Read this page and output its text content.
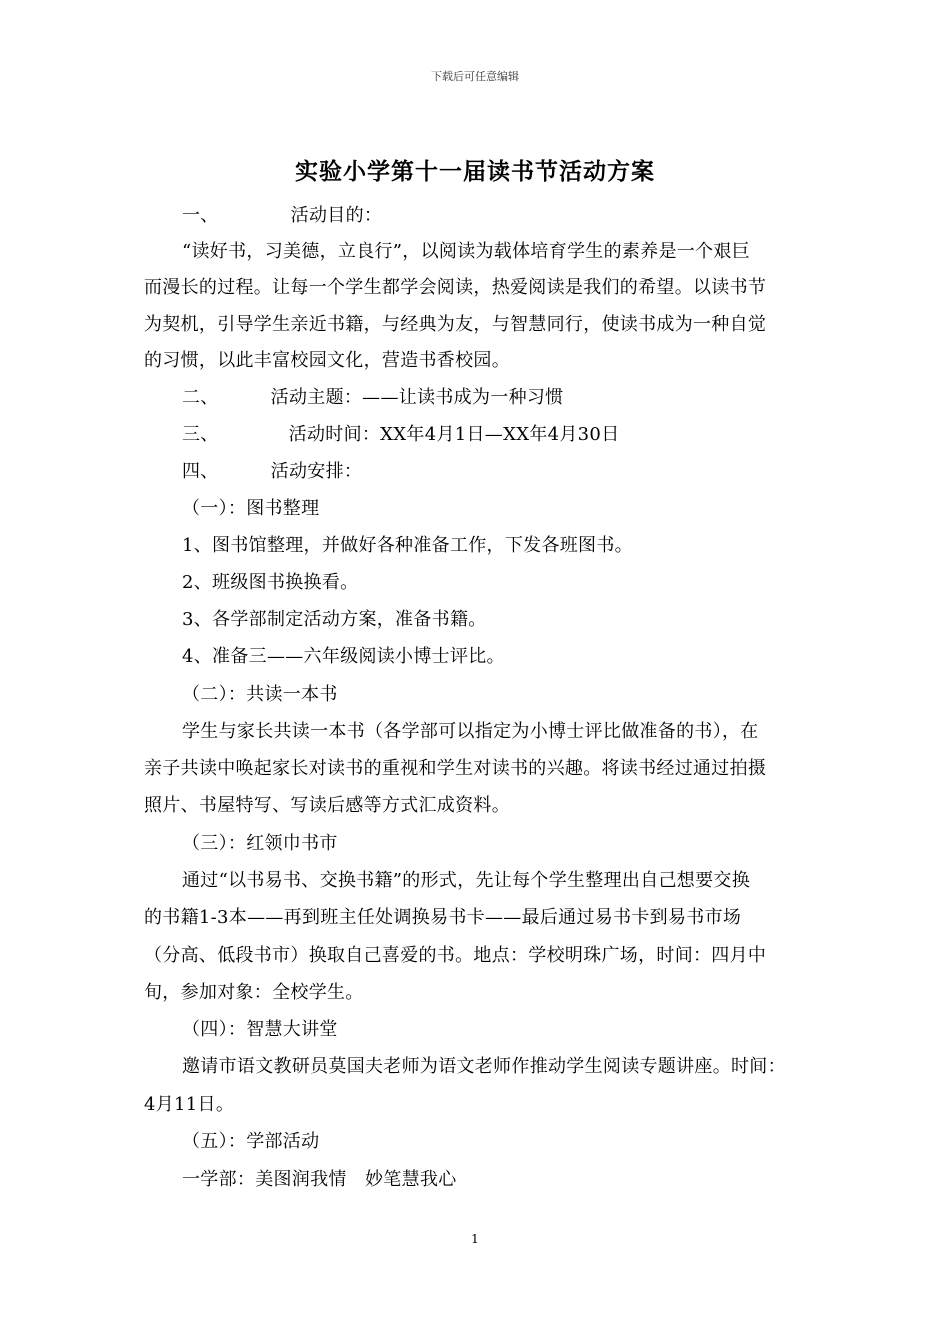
下载后可任意编辑
实验小学第十一届读书节活动方案
一、	活动目的：
“读好书，习美德，立良行”，以阅读为载体培育学生的素养是一个艰巨
而漫长的过程。让每一个学生都学会阅读，热爱阅读是我们的希望。以读书节
为契机，引导学生亲近书籍，与经典为友，与智慧同行，使读书成为一种自觉
的习惯，以此丰富校园文化，营造书香校园。
二、	活动主题：——让读书成为一种习惯
三、	活动时间：XX年4月1日—XX年4月30日
四、	活动安排：
（一）：图书整理
1、图书馆整理，并做好各种准备工作，下发各班图书。
2、班级图书换换看。
3、各学部制定活动方案，准备书籍。
4、准备三——六年级阅读小博士评比。
（二）：共读一本书
学生与家长共读一本书（各学部可以指定为小博士评比做准备的书），在
亲子共读中唤起家长对读书的重视和学生对读书的兴趣。将读书经过通过拍摄
照片、书屋特写、写读后感等方式汇成资料。
（三）：红领巾书市
通过“以书易书、交换书籍”的形式，先让每个学生整理出自己想要交换
的书籍1-3本——再到班主任处调换易书卡——最后通过易书卡到易书市场
（分高、低段书市）换取自己喜爱的书。地点：学校明珠广场，时间：四月中
旬，参加对象：全校学生。
（四）：智慧大讲堂
邀请市语文教研员莫国夫老师为语文老师作推动学生阅读专题讲座。时间：
4月11日。
（五）：学部活动
一学部：美图润我情　妙笔慧我心
1
